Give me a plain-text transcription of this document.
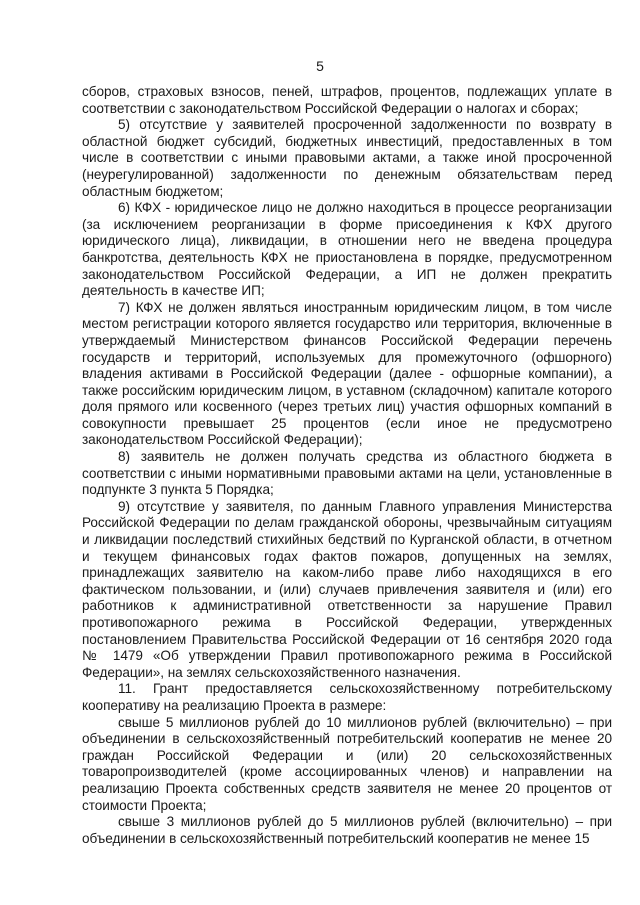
5

сборов, страховых взносов, пеней, штрафов, процентов, подлежащих уплате в соответствии с законодательством Российской Федерации о налогах и сборах;

5) отсутствие у заявителей просроченной задолженности по возврату в областной бюджет субсидий, бюджетных инвестиций, предоставленных в том числе в соответствии с иными правовыми актами, а также иной просроченной (неурегулированной) задолженности по денежным обязательствам перед областным бюджетом;

6) КФХ - юридическое лицо не должно находиться в процессе реорганизации (за исключением реорганизации в форме присоединения к КФХ другого юридического лица), ликвидации, в отношении него не введена процедура банкротства, деятельность КФХ не приостановлена в порядке, предусмотренном законодательством Российской Федерации, а ИП не должен прекратить деятельность в качестве ИП;

7) КФХ не должен являться иностранным юридическим лицом, в том числе местом регистрации которого является государство или территория, включенные в утверждаемый Министерством финансов Российской Федерации перечень государств и территорий, используемых для промежуточного (офшорного) владения активами в Российской Федерации (далее - офшорные компании), а также российским юридическим лицом, в уставном (складочном) капитале которого доля прямого или косвенного (через третьих лиц) участия офшорных компаний в совокупности превышает 25 процентов (если иное не предусмотрено законодательством Российской Федерации);

8) заявитель не должен получать средства из областного бюджета в соответствии с иными нормативными правовыми актами на цели, установленные в подпункте 3 пункта 5 Порядка;

9) отсутствие у заявителя, по данным Главного управления Министерства Российской Федерации по делам гражданской обороны, чрезвычайным ситуациям и ликвидации последствий стихийных бедствий по Курганской области, в отчетном и текущем финансовых годах фактов пожаров, допущенных на землях, принадлежащих заявителю на каком-либо праве либо находящихся в его фактическом пользовании, и (или) случаев привлечения заявителя и (или) его работников к административной ответственности за нарушение Правил противопожарного режима в Российской Федерации, утвержденных постановлением Правительства Российской Федерации от 16 сентября 2020 года № 1479 «Об утверждении Правил противопожарного режима в Российской Федерации», на землях сельскохозяйственного назначения.

11. Грант предоставляется сельскохозяйственному потребительскому кооперативу на реализацию Проекта в размере:

свыше 5 миллионов рублей до 10 миллионов рублей (включительно) – при объединении в сельскохозяйственный потребительский кооператив не менее 20 граждан Российской Федерации и (или) 20 сельскохозяйственных товаропроизводителей (кроме ассоциированных членов) и направлении на реализацию Проекта собственных средств заявителя не менее 20 процентов от стоимости Проекта;

свыше 3 миллионов рублей до 5 миллионов рублей (включительно) – при объединении в сельскохозяйственный потребительский кооператив не менее 15
